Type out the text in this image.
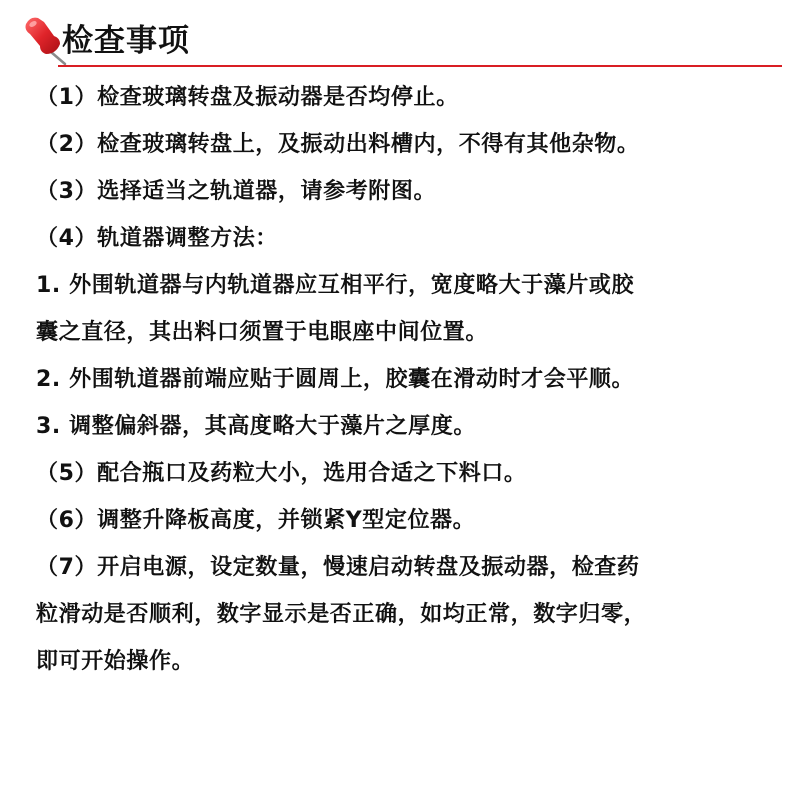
检查事项
（1）检查玻璃转盘及振动器是否均停止。
（2）检查玻璃转盘上，及振动出料槽内，不得有其他杂物。
（3）选择适当之轨道器，请参考附图。
（4）轨道器调整方法：
1. 外围轨道器与内轨道器应互相平行，宽度略大于藻片或胶
囊之直径，其出料口须置于电眼座中间位置。
2. 外围轨道器前端应贴于圆周上，胶囊在滑动时才会平顺。
3. 调整偏斜器，其高度略大于藻片之厚度。
（5）配合瓶口及药粒大小，选用合适之下料口。
（6）调整升降板高度，并锁紧Y型定位器。
（7）开启电源，设定数量，慢速启动转盘及振动器，检查药
粒滑动是否顺利，数字显示是否正确，如均正常，数字归零，
即可开始操作。
